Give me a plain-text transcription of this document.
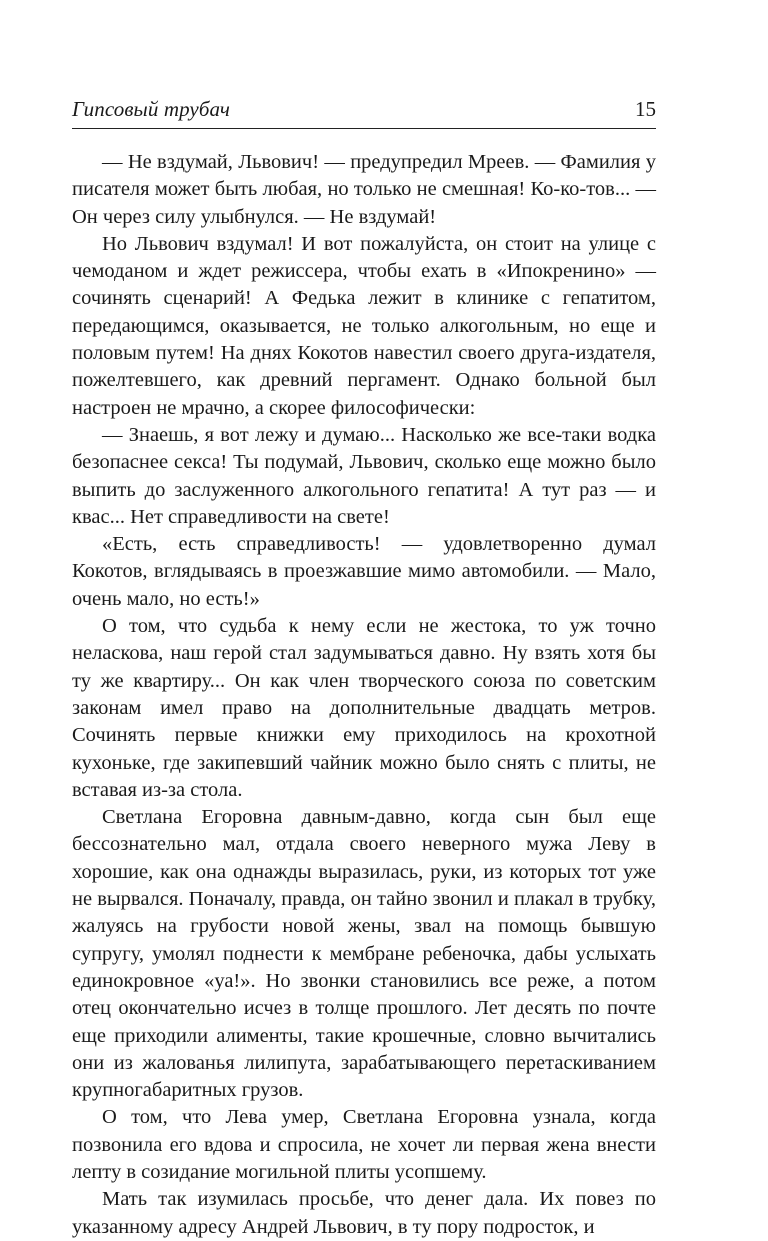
Гипсовый трубач	15

— Не вздумай, Львович! — предупредил Мреев. — Фамилия у писателя может быть любая, но только не смешная! Ко-ко-тов... — Он через силу улыбнулся. — Не вздумай!

Но Львович вздумал! И вот пожалуйста, он стоит на улице с чемоданом и ждет режиссера, чтобы ехать в «Ипокренино» — сочинять сценарий! А Федька лежит в клинике с гепатитом, передающимся, оказывается, не только алкогольным, но еще и половым путем! На днях Кокотов навестил своего друга-издателя, пожелтевшего, как древний пергамент. Однако больной был настроен не мрачно, а скорее философически:

— Знаешь, я вот лежу и думаю... Насколько же все-таки водка безопаснее секса! Ты подумай, Львович, сколько еще можно было выпить до заслуженного алкогольного гепатита! А тут раз — и квас... Нет справедливости на свете!

«Есть, есть справедливость! — удовлетворенно думал Кокотов, вглядываясь в проезжавшие мимо автомобили. — Мало, очень мало, но есть!»

О том, что судьба к нему если не жестока, то уж точно неласкова, наш герой стал задумываться давно. Ну взять хотя бы ту же квартиру... Он как член творческого союза по советским законам имел право на дополнительные двадцать метров. Сочинять первые книжки ему приходилось на крохотной кухоньке, где закипевший чайник можно было снять с плиты, не вставая из-за стола.

Светлана Егоровна давным-давно, когда сын был еще бессознательно мал, отдала своего неверного мужа Леву в хорошие, как она однажды выразилась, руки, из которых тот уже не вырвался. Поначалу, правда, он тайно звонил и плакал в трубку, жалуясь на грубости новой жены, звал на помощь бывшую супругу, умолял поднести к мембране ребеночка, дабы услыхать единокровное «уа!». Но звонки становились все реже, а потом отец окончательно исчез в толще прошлого. Лет десять по почте еще приходили алименты, такие крошечные, словно вычитались они из жалованья лилипута, зарабатывающего перетаскиванием крупногабаритных грузов.

О том, что Лева умер, Светлана Егоровна узнала, когда позвонила его вдова и спросила, не хочет ли первая жена внести лепту в созидание могильной плиты усопшему.

Мать так изумилась просьбе, что денег дала. Их повез по указанному адресу Андрей Львович, в ту пору подросток, и
